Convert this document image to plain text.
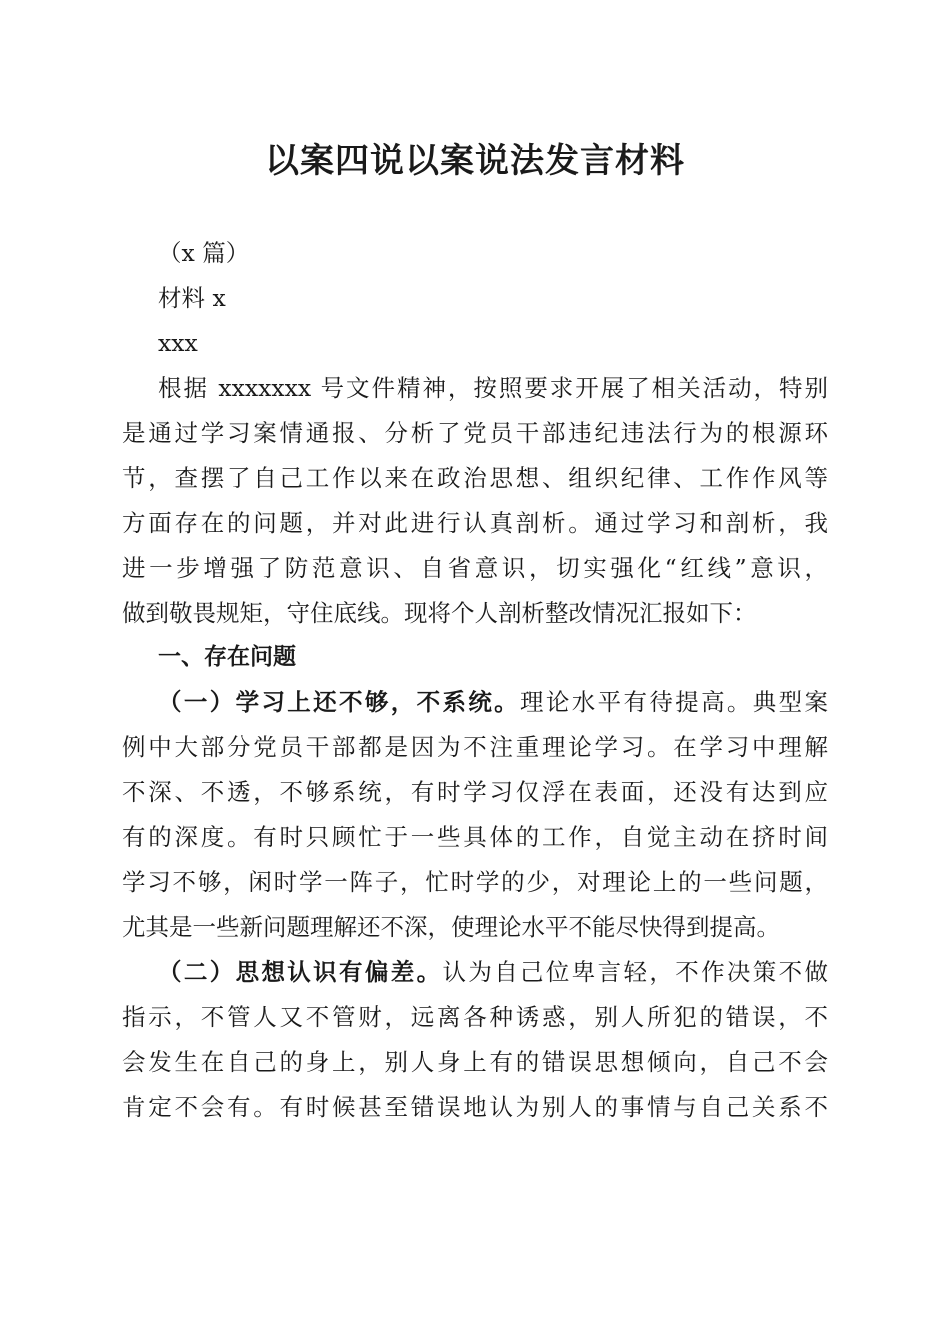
以案四说以案说法发言材料
（x 篇）
材料 x
xxx
根据 xxxxxxx 号文件精神，按照要求开展了相关活动，特别
是通过学习案情通报、分析了党员干部违纪违法行为的根源环
节，查摆了自己工作以来在政治思想、组织纪律、工作作风等
方面存在的问题，并对此进行认真剖析。通过学习和剖析，我
进一步增强了防范意识、自省意识，切实强化“红线”意识，
做到敬畏规矩，守住底线。现将个人剖析整改情况汇报如下：
一、存在问题
（一）学习上还不够，不系统。理论水平有待提高。典型案
例中大部分党员干部都是因为不注重理论学习。在学习中理解
不深、不透，不够系统，有时学习仅浮在表面，还没有达到应
有的深度。有时只顾忙于一些具体的工作，自觉主动在挤时间
学习不够，闲时学一阵子，忙时学的少，对理论上的一些问题，
尤其是一些新问题理解还不深，使理论水平不能尽快得到提高。
（二）思想认识有偏差。认为自己位卑言轻，不作决策不做
指示，不管人又不管财，远离各种诱惑，别人所犯的错误，不
会发生在自己的身上，别人身上有的错误思想倾向，自己不会
肯定不会有。有时候甚至错误地认为别人的事情与自己关系不
